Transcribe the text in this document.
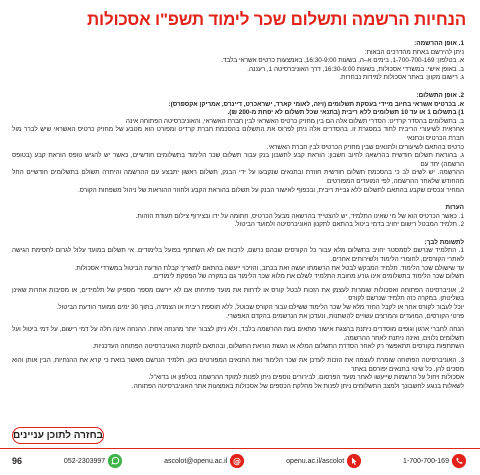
הנחיות הרשמה ותשלום שכר לימוד תשפ"ו אסכולות

1. אופן ההרשמה:

ניתן להירשם באחת מהדרכים הבאות:

א. בטלפון: 1-700-700-169, בימים א–ה, בשעות 16:30-9:00, באמצעות כרטיס אשראי בלבד.

ב. באופן אישי: במשרדי אסכולות, בשעות 16:30-9:00, דרך האוניברסיטה 1, רעננה.

ג. רישום מקוון: באתר אסכולות למידות נבחרות.

2. אופן התשלום:

א. בכרטיס אשראי בחיוב מיידי בעסקת תשלומים (ויזה, לאומי קארד, ישראכרט, דיינרס, אמריקן אקספרס):

1) בתשלום 1 או עד 10 תשלומים ללא ריבית (בתנאי שכל תשלום לא יפחת מ-200 ₪).

ב. בתשלומים בהסדר קרדיט: הסדרי תשלום אלה הם בין מחזיק כרטיס האשראי לבין חברת האשראי, והאוניברסיטה הפתוחה אינה

אחראית לשיעורי הריבית לחוד במסגרת זו. בהסדרים אלה ניתן לפרוס את התשלום בהסכמת חברת קרדיט ומפורט הוא מטבע של מחזיק כרטיס האשראי שיש לברר מול חברת הכרטיס וכתנאי

כרטיס בהתאם לשיעורים ולתנאים שבין מחזיק הכרטיס לבין חברת האשראי.

ג. בהוראת תשלום חודשית בהרשאה לחיוב חשבון: הוראת קבע לחשבון בנק עבור תשלום שכר הלימוד בתשלומים חודשיים, כאשר יש להגיש טופס הוראת קבע (בטופס הרשמה) יחד עם

ההרשמה. יש לשים לב כי בהסכמת תשלום חודשית חוזרת ובתנאים שנקבעו על ידי הבנק, תשלום ראשון יתבצע עם ההרשמה והיתרה תשולם בתשלומים חודשיים החל מהחודש שלאחר ההרשמה, לפי המועדים המפורטים

המחיר ונכסים שקבע בהתאם לתשלום ללא גביית ריבית, ובכפוף לאישור הבנק על תשלום בהוראת הקבע ולחוזר ההוראות של ניהול משפחות הקורס.

הערות

1. כאשר הכרטיס הוא של מי שאינו התלמיד, יש להצטייד בהרשאה מבעל הכרטיס, חתומה על ידו ובצירוף צילום תעודת הזהות.

2. תלמיד המבטל רישום יחויב בדמי ביטול בהתאם לתקנון האוניברסיטה ולמועד הביטול.

לתשומת לבך:

1. התלמיד שנרשם לסמסטר יחויב בתשלום מלא עבור כל הקורסים שבהם נרשם, לרבות אם לא השתתף בפועל בלימודים. אי תשלום במועד עלול לגרום לחסימת הגישה לאתרי הקורסים, לחומרי הלימוד ולשירותים אחרים.

עד שישולם שכר הלימוד. תלמיד המבקש לבטל את הרשמתו יעשה זאת בכתב, והזיכוי ייעשה בהתאם לתאריך קבלת הודעת הביטול במשרדי אסכולות.

תשלום שכר הלימוד בתשלומים אינו גורע מחובת התלמיד לשלם את מלוא שכר הלימוד גם במקרה של הפסקת לימודים.

2. אוניברסיטה הפתוחה ואסכולות שומרות לעצמן את הזכות לבטל קורס או לדחות את מועד פתיחתו אם לא יירשם מספר מספיק של תלמידים, או מסיבות אחרות שאינן בשליטתן. במקרה כזה תלמיד שנרשם לקורס

יוכל לעבור לקורס אחר או לקבל החזר מלא של שכר הלימוד ששילם עבור הקורס שבוטל, ללא תוספת ריבית או הצמדה, בתוך 30 ימים ממועד הודעת הביטול.

פרטי הקורסים, המועדים והמרצים עשויים להשתנות, ונעדכן את הנרשמים בהקדם האפשרי.

הנחה לחברי ארגון וגופים מוסדרים ניתנת בהצגת אישור מתאים בעת ההרשמה בלבד, ולא ניתן לצבור יותר מהנחה אחת. ההנחה אינה חלה על דמי רישום, על דמי ביטול ועל תשלומים נלווים, ואינה ניתנת לאחר ההרשמה.

השתתפות בקורסים תתאפשר רק לאחר הסדרת התשלום המלא או הגשת הוראת התשלום, ובהתאם לתקנות האוניברסיטה הפתוחה העדכניות.

3. האוניברסיטה הפתוחה שומרת לעצמה את הזכות לעדכן את שכר הלימוד ואת התנאים המפורטים כאן. תלמיד הנרשם מאשר בזאת כי קרא את ההנחיות, הבין אותן והוא מסכים להן. כל שינוי בתנאים יפורסם באתר

אסכולות ויחול על הרשמות שייעשו לאחר מועד הפרסום. לבירורים נוספים ניתן לפנות למוקד ההרשמה בטלפון או בדוא"ל.

לשאלות בנוגע לחשבונך ולמצב התשלומים ניתן לפנות אל מחלקת הכספים של אסכולות באמצעות אתר האוניברסיטה הפתוחה.

בחזרה לתוכן עניינים
96	052-2303997	ascolot@openu.ac.il @	openu.ac.il/ascolot	1-700-700-169
